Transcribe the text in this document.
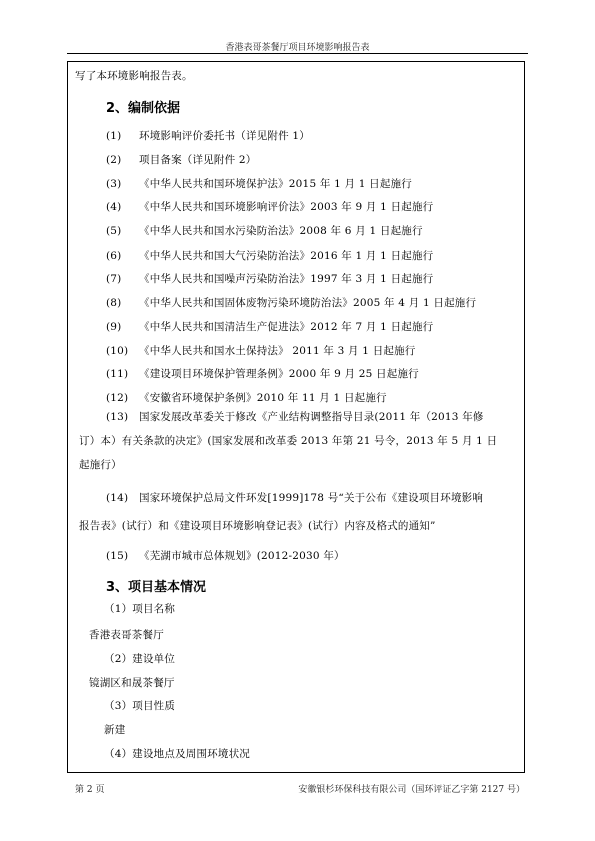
香港表哥茶餐厅项目环境影响报告表
写了本环境影响报告表。
2、编制依据
(1) 环境影响评价委托书（详见附件 1）
(2) 项目备案（详见附件 2）
(3) 《中华人民共和国环境保护法》2015 年 1 月 1 日起施行
(4) 《中华人民共和国环境影响评价法》2003 年 9 月 1 日起施行
(5) 《中华人民共和国水污染防治法》2008 年 6 月 1 日起施行
(6) 《中华人民共和国大气污染防治法》2016 年 1 月 1 日起施行
(7) 《中华人民共和国噪声污染防治法》1997 年 3 月 1 日起施行
(8) 《中华人民共和国固体废物污染环境防治法》2005 年 4 月 1 日起施行
(9) 《中华人民共和国清洁生产促进法》2012 年 7 月 1 日起施行
(10) 《中华人民共和国水土保持法》 2011 年 3 月 1 日起施行
(11) 《建设项目环境保护管理条例》2000 年 9 月 25 日起施行
(12) 《安徽省环境保护条例》2010 年 11 月 1 日起施行
(13) 国家发展改革委关于修改《产业结构调整指导目录(2011 年（2013 年修
订）本）有关条款的决定》(国家发展和改革委 2013 年第 21 号令，2013 年 5 月 1 日
起施行）
(14) 国家环境保护总局文件环发[1999]178 号“关于公布《建设项目环境影响
报告表》(试行）和《建设项目环境影响登记表》(试行）内容及格式的通知”
(15) 《芜湖市城市总体规划》(2012-2030 年）
3、项目基本情况
（1）项目名称
香港表哥茶餐厅
（2）建设单位
镜湖区和晟茶餐厅
（3）项目性质
新建
（4）建设地点及周围环境状况
第 2 页	安徽银杉环保科技有限公司（国环评证乙字第 2127 号）
